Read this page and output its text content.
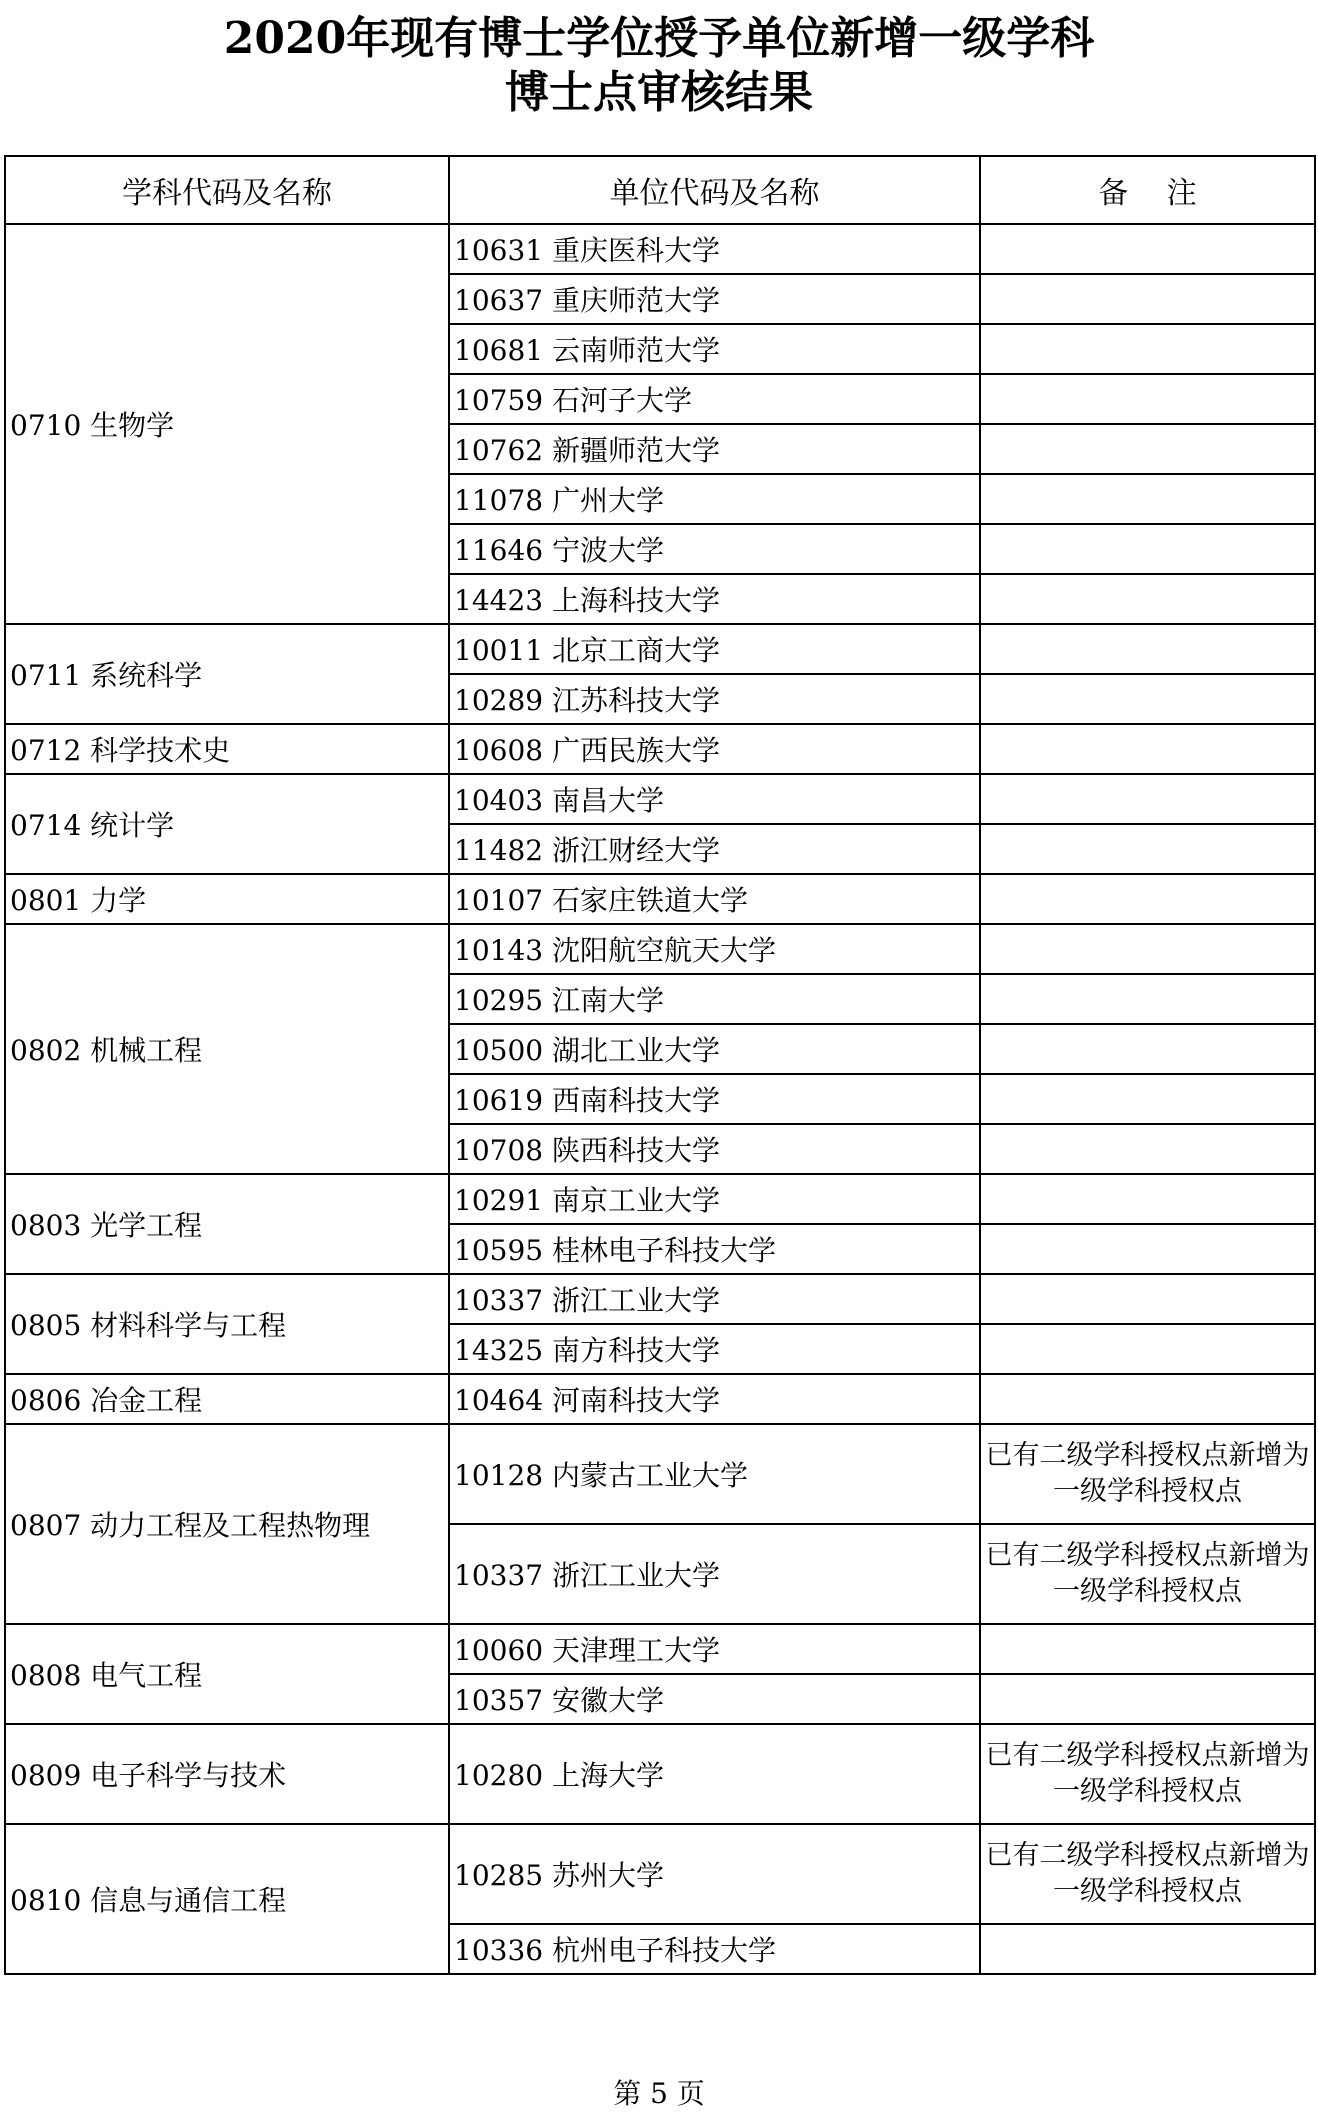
2020年现有博士学位授予单位新增一级学科
博士点审核结果
学科代码及名称	单位代码及名称	备    注
0710 生物学	10631 重庆医科大学	
	10637 重庆师范大学	
	10681 云南师范大学	
	10759 石河子大学	
	10762 新疆师范大学	
	11078 广州大学	
	11646 宁波大学	
	14423 上海科技大学	
0711 系统科学	10011 北京工商大学	
	10289 江苏科技大学	
0712 科学技术史	10608 广西民族大学	
0714 统计学	10403 南昌大学	
	11482 浙江财经大学	
0801 力学	10107 石家庄铁道大学	
0802 机械工程	10143 沈阳航空航天大学	
	10295 江南大学	
	10500 湖北工业大学	
	10619 西南科技大学	
	10708 陕西科技大学	
0803 光学工程	10291 南京工业大学	
	10595 桂林电子科技大学	
0805 材料科学与工程	10337 浙江工业大学	
	14325 南方科技大学	
0806 冶金工程	10464 河南科技大学	
0807 动力工程及工程热物理	10128 内蒙古工业大学	已有二级学科授权点新增为一级学科授权点
	10337 浙江工业大学	已有二级学科授权点新增为一级学科授权点
0808 电气工程	10060 天津理工大学	
	10357 安徽大学	
0809 电子科学与技术	10280 上海大学	已有二级学科授权点新增为一级学科授权点
0810 信息与通信工程	10285 苏州大学	已有二级学科授权点新增为一级学科授权点
	10336 杭州电子科技大学	
第 5 页
